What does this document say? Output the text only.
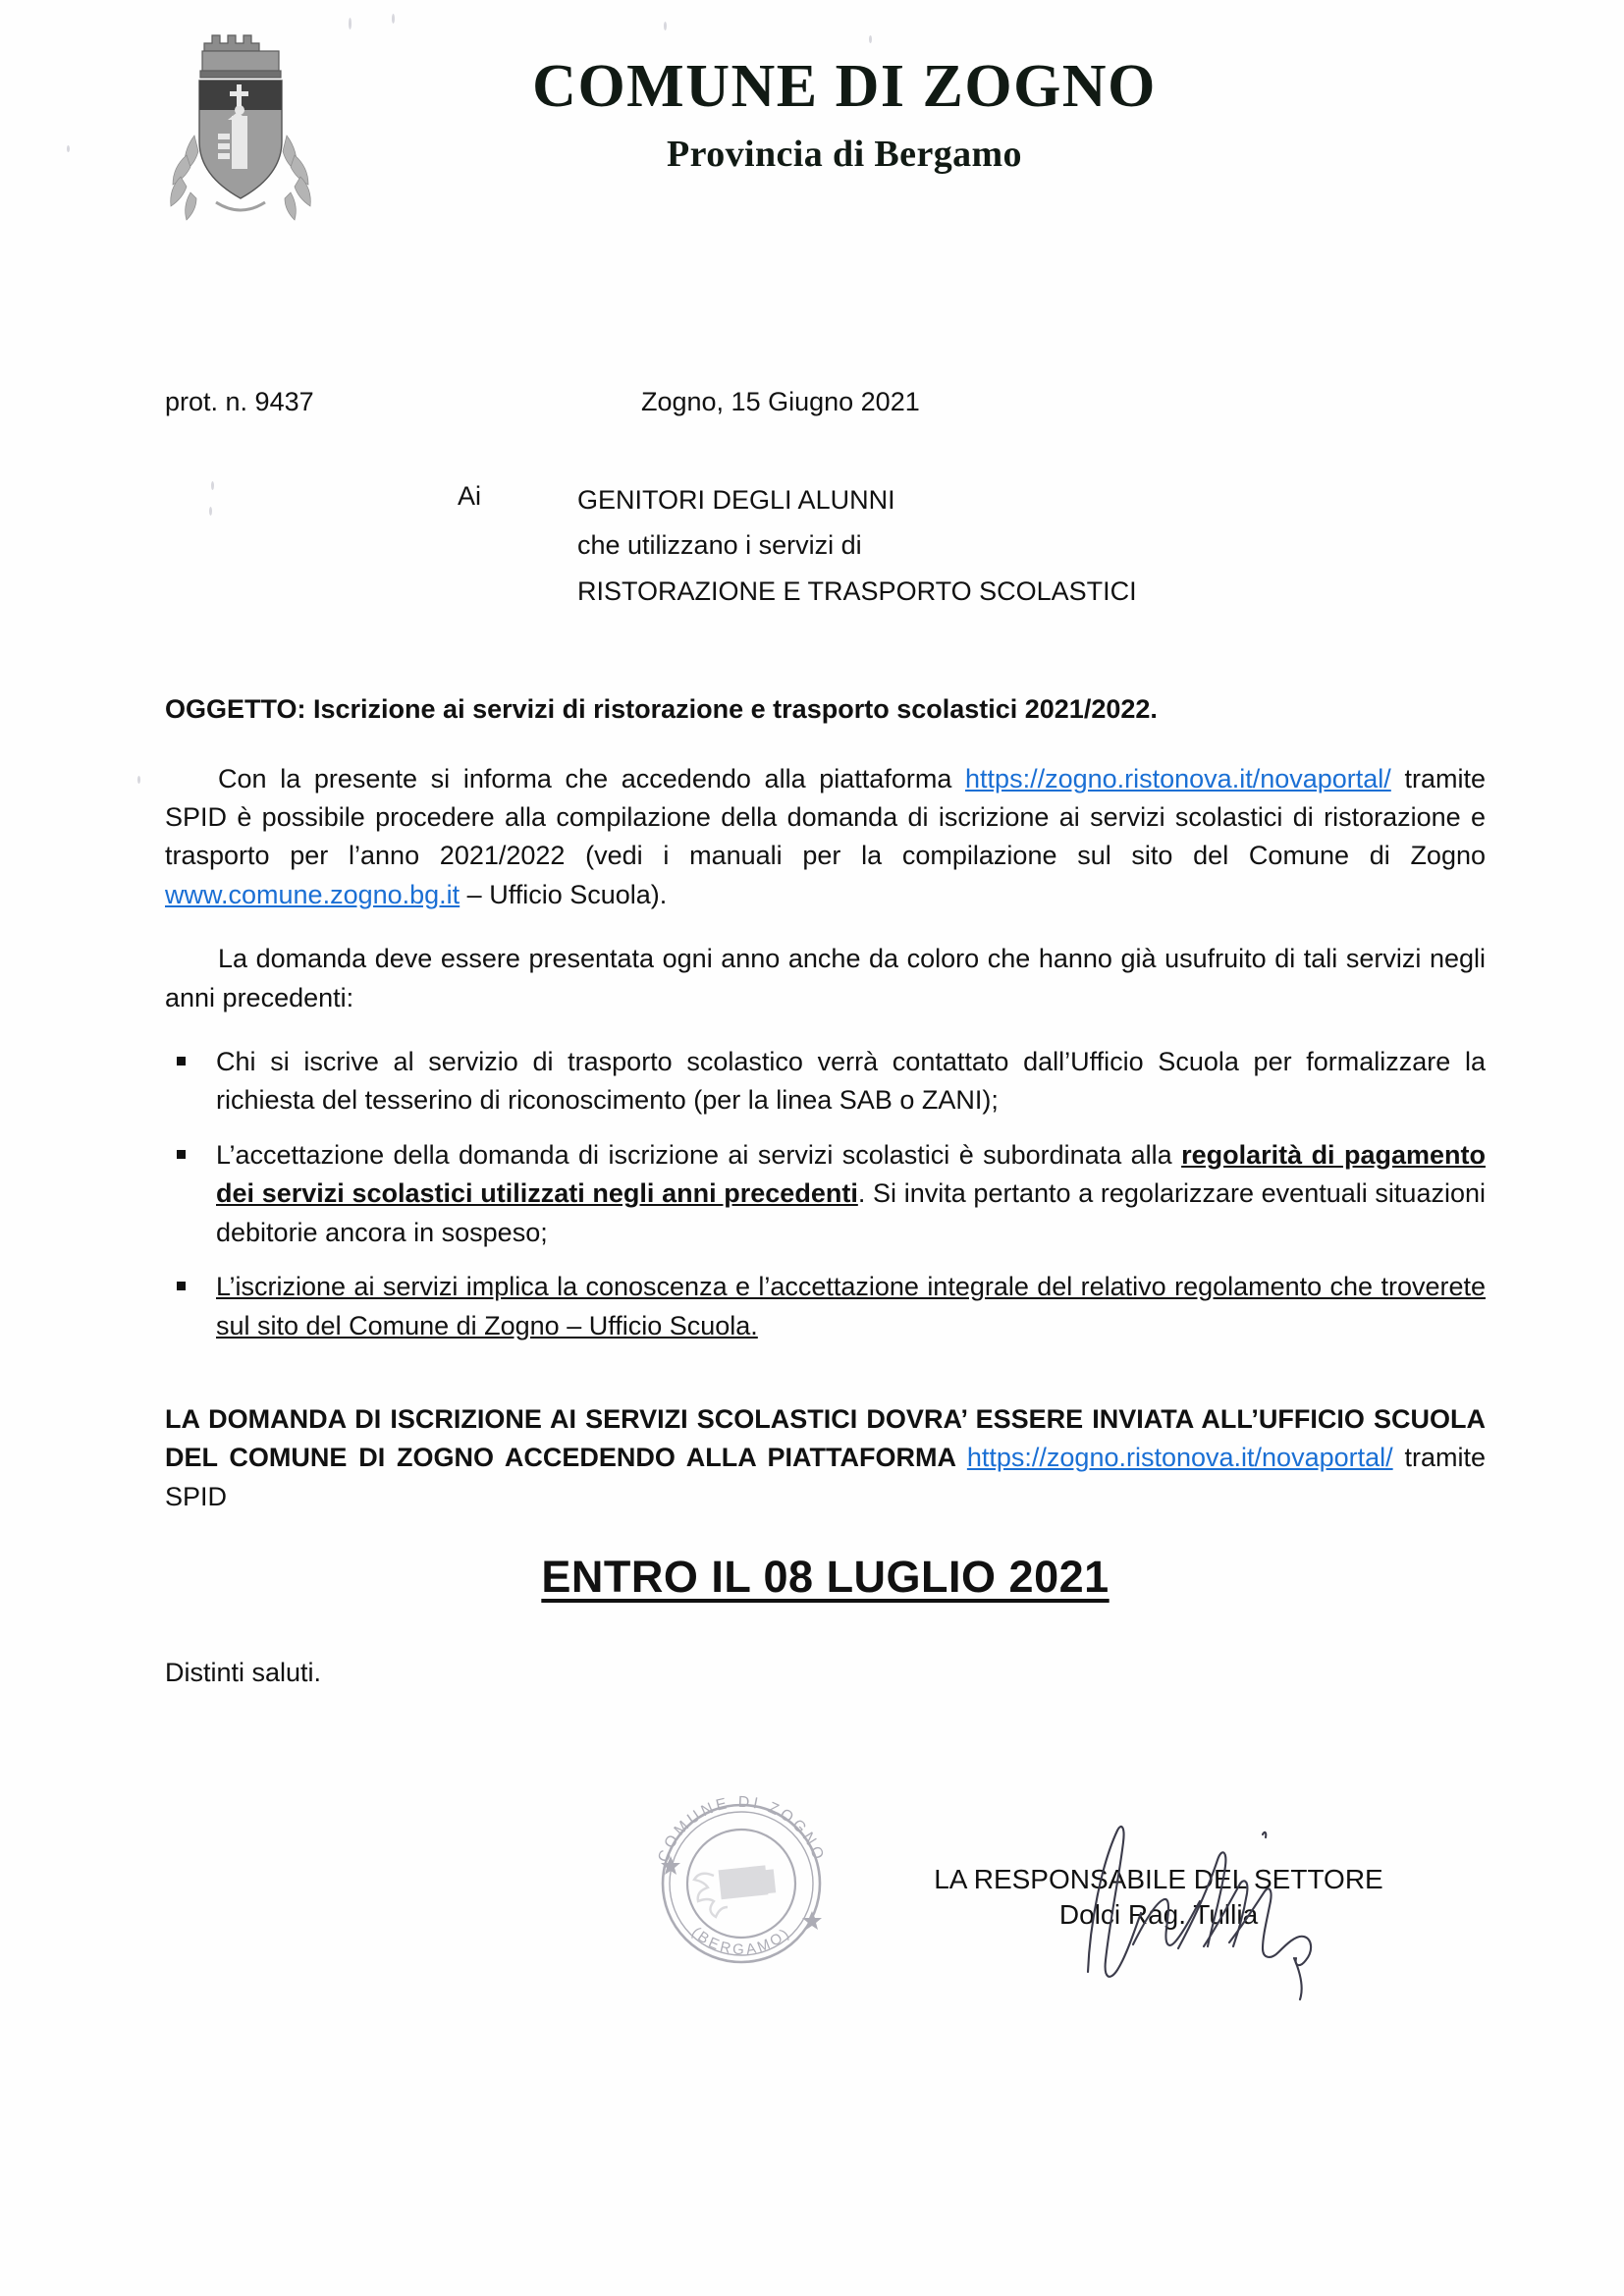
COMUNE DI ZOGNO
Provincia di Bergamo
prot. n. 9437	Zogno, 15 Giugno 2021
Ai	GENITORI DEGLI ALUNNI
che utilizzano i servizi di
RISTORAZIONE E TRASPORTO SCOLASTICI
OGGETTO: Iscrizione ai servizi di ristorazione e trasporto scolastici 2021/2022.

Con la presente si informa che accedendo alla piattaforma https://zogno.ristonova.it/novaportal/ tramite SPID è possibile procedere alla compilazione della domanda di iscrizione ai servizi scolastici di ristorazione e trasporto per l’anno 2021/2022 (vedi i manuali per la compilazione sul sito del Comune di Zogno www.comune.zogno.bg.it – Ufficio Scuola).

La domanda deve essere presentata ogni anno anche da coloro che hanno già usufruito di tali servizi negli anni precedenti:

Chi si iscrive al servizio di trasporto scolastico verrà contattato dall’Ufficio Scuola per formalizzare la richiesta del tesserino di riconoscimento (per la linea SAB o ZANI);
L’accettazione della domanda di iscrizione ai servizi scolastici è subordinata alla regolarità di pagamento dei servizi scolastici utilizzati negli anni precedenti. Si invita pertanto a regolarizzare eventuali situazioni debitorie ancora in sospeso;
L’iscrizione ai servizi implica la conoscenza e l’accettazione integrale del relativo regolamento che troverete sul sito del Comune di Zogno – Ufficio Scuola.
LA DOMANDA DI ISCRIZIONE AI SERVIZI SCOLASTICI DOVRA’ ESSERE INVIATA ALL’UFFICIO SCUOLA DEL COMUNE DI ZOGNO ACCEDENDO ALLA PIATTAFORMA https://zogno.ristonova.it/novaportal/ tramite SPID
ENTRO IL 08 LUGLIO 2021
Distinti saluti.
COMUNE DI ZOGNO
(BERGAMO)
LA RESPONSABILE DEL SETTORE
Dolci Rag. Tullia
